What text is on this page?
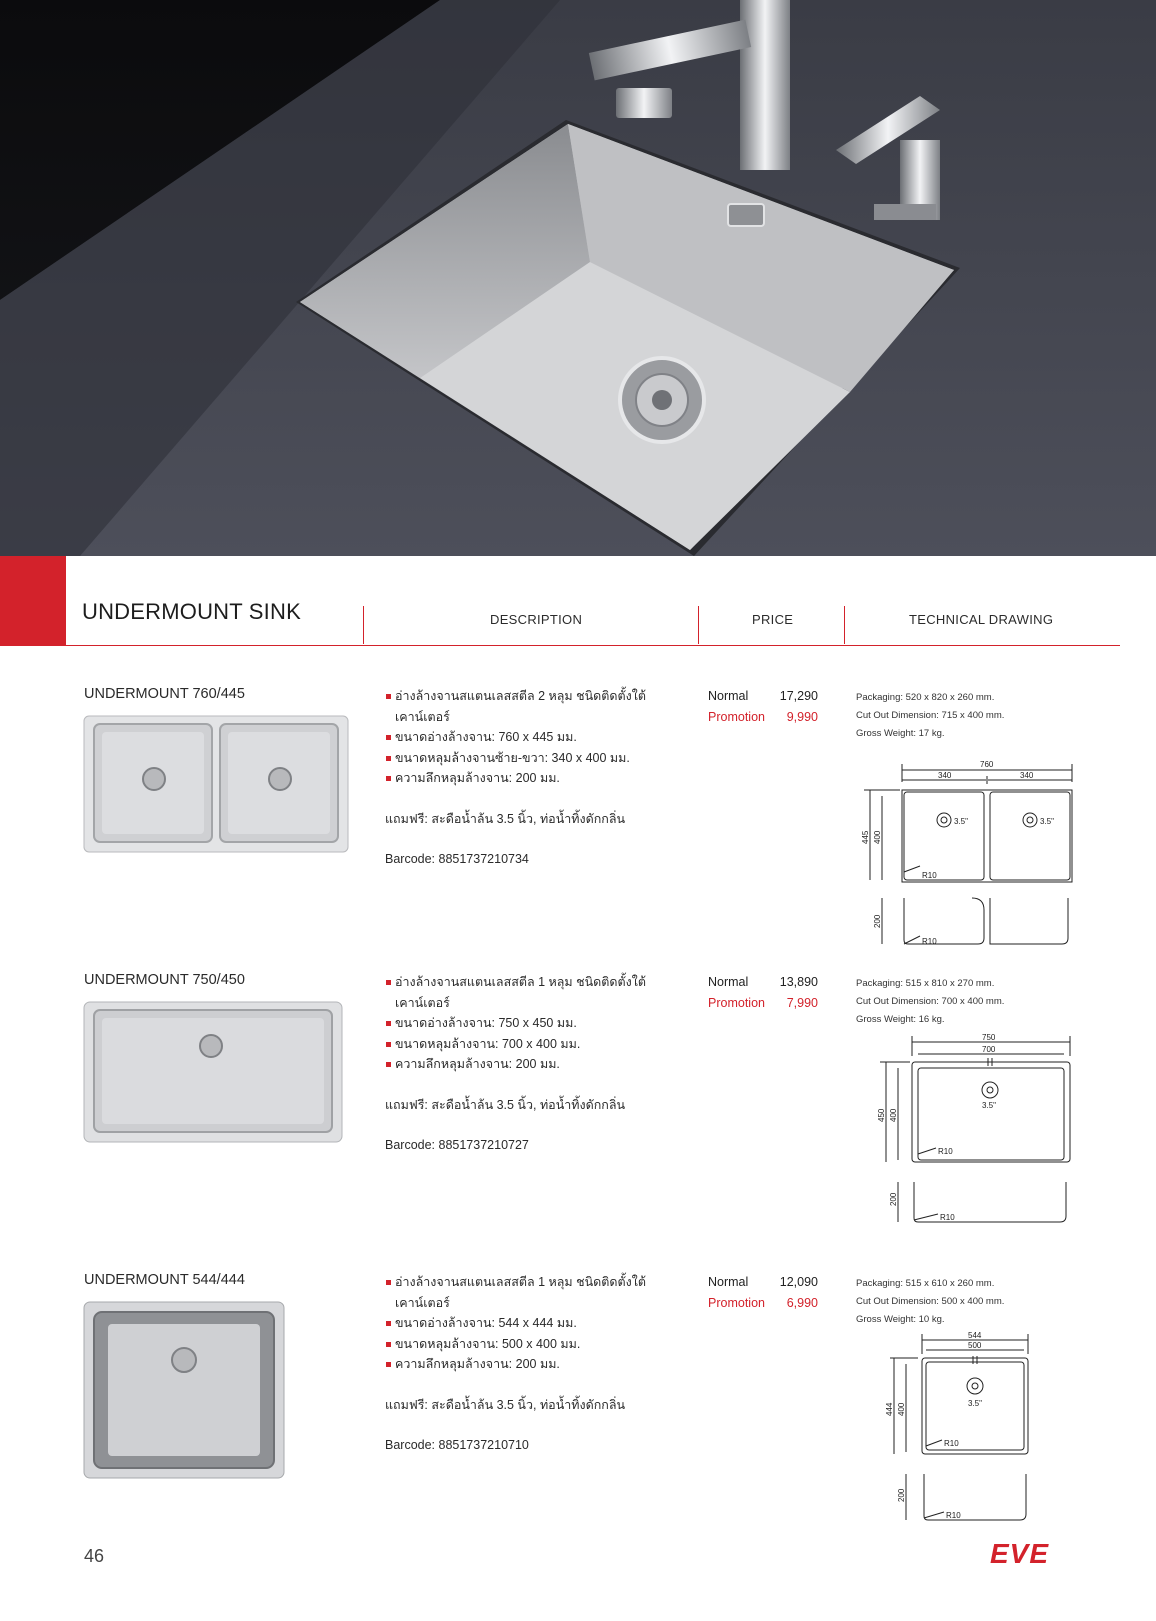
UNDERMOUNT SINK	DESCRIPTION	PRICE	TECHNICAL DRAWING
UNDERMOUNT 760/445	อ่างล้างจานสแตนเลสสตีล 2 หลุม ชนิดติดตั้งใต้
เคาน์เตอร์
ขนาดอ่างล้างจาน: 760 x 445 มม.
ขนาดหลุมล้างจานซ้าย-ขวา: 340 x 400 มม.
ความลึกหลุมล้างจาน: 200 มม.
แถมฟรี: สะดือน้ำล้น 3.5 นิ้ว, ท่อน้ำทิ้งดักกลิ่น
Barcode: 8851737210734
Normal	17,290
Promotion 9,990
Packaging: 520 x 820 x 260 mm.
Cut Out Dimension: 715 x 400 mm.
Gross Weight: 17 kg.
760
340	340
445 400
3.5"	3.5"
R10
200
R10
UNDERMOUNT 750/450	อ่างล้างจานสแตนเลสสตีล 1 หลุม ชนิดติดตั้งใต้
เคาน์เตอร์
ขนาดอ่างล้างจาน: 750 x 450 มม.
ขนาดหลุมล้างจาน: 700 x 400 มม.
ความลึกหลุมล้างจาน: 200 มม.
แถมฟรี: สะดือน้ำล้น 3.5 นิ้ว, ท่อน้ำทิ้งดักกลิ่น
Barcode: 8851737210727
Normal	13,890
Promotion 7,990
Packaging: 515 x 810 x 270 mm.
Cut Out Dimension: 700 x 400 mm.
Gross Weight: 16 kg.
750
700
450 400
3.5"
R10
200
R10
UNDERMOUNT 544/444	อ่างล้างจานสแตนเลสสตีล 1 หลุม ชนิดติดตั้งใต้
เคาน์เตอร์
ขนาดอ่างล้างจาน: 544 x 444 มม.
ขนาดหลุมล้างจาน: 500 x 400 มม.
ความลึกหลุมล้างจาน: 200 มม.
แถมฟรี: สะดือน้ำล้น 3.5 นิ้ว, ท่อน้ำทิ้งดักกลิ่น
Barcode: 8851737210710
Normal	12,090
Promotion 6,990
Packaging: 515 x 610 x 260 mm.
Cut Out Dimension: 500 x 400 mm.
Gross Weight: 10 kg.
544
500
444 400	3.5"
R10
200
R10
46	EVE
